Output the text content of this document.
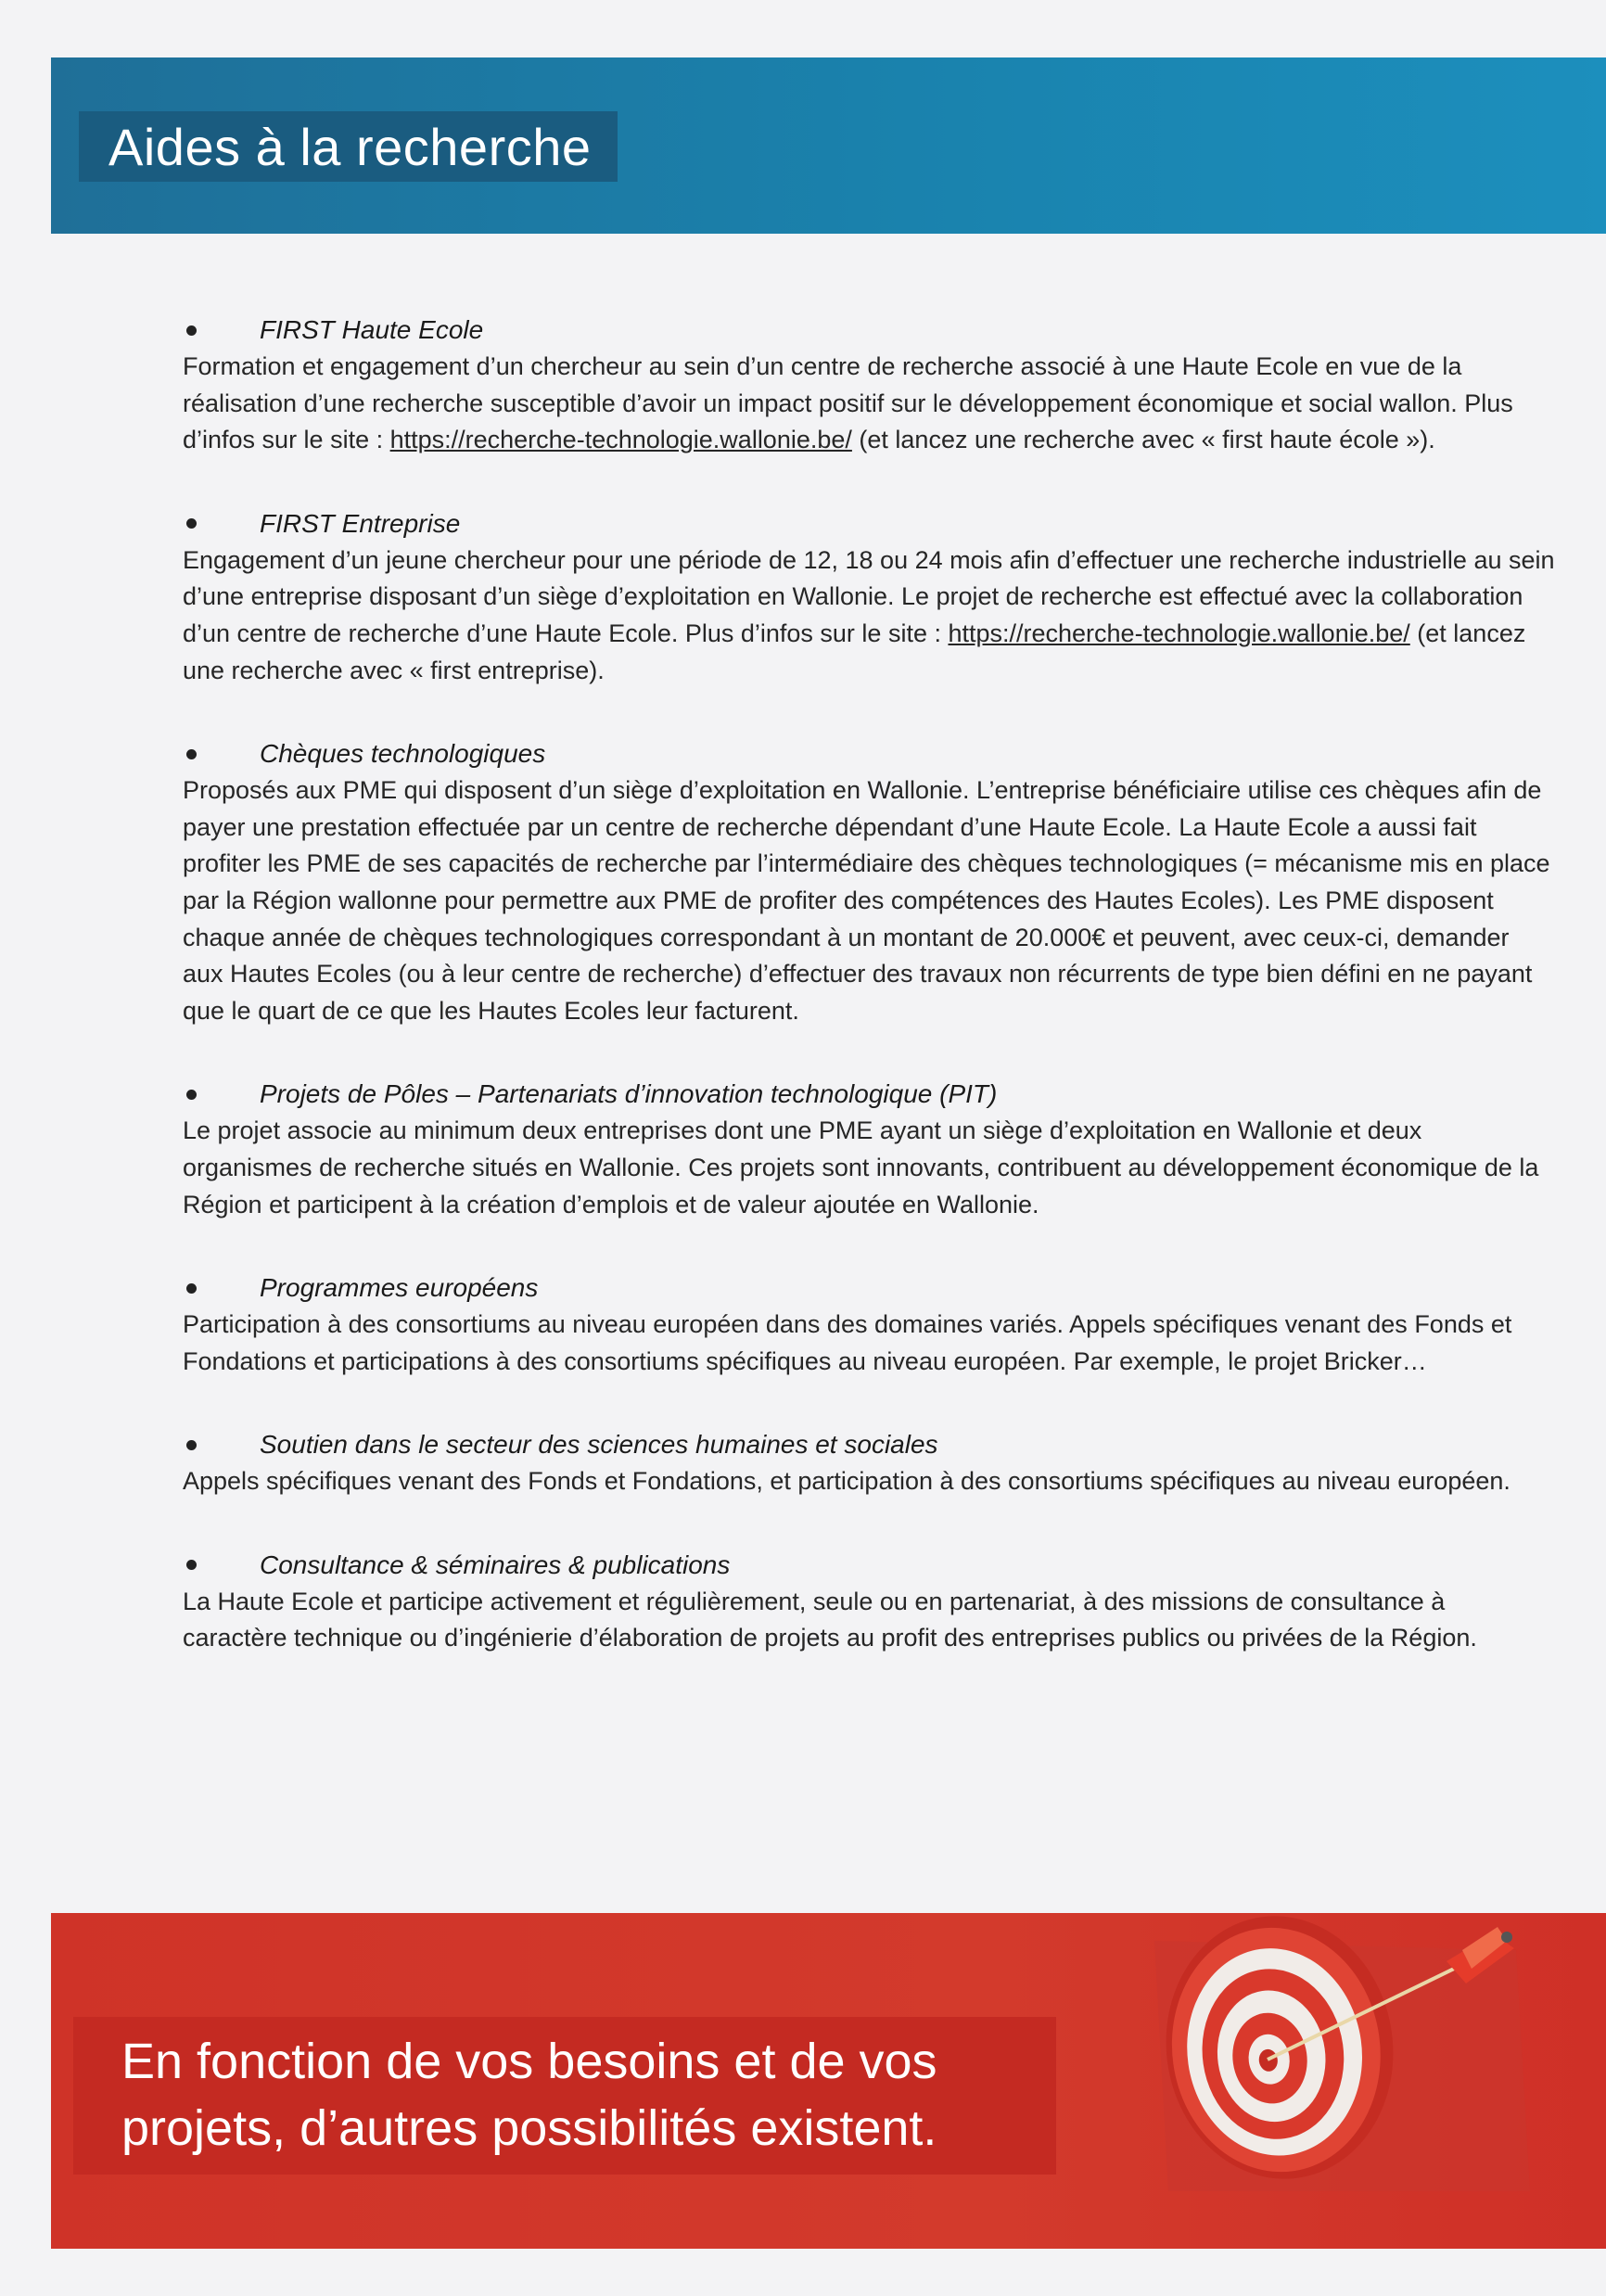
Aides à la recherche
FIRST Haute Ecole
Formation et engagement d’un chercheur au sein d’un centre de recherche associé à une Haute Ecole en vue de la réalisation d’une recherche susceptible d’avoir un impact positif sur le développement économique et social wallon. Plus d’infos sur le site : https://recherche-technologie.wallonie.be/ (et lancez une recherche avec « first haute école »).
FIRST Entreprise
Engagement d’un jeune chercheur pour une période de 12, 18 ou 24 mois afin d’effectuer une recherche industrielle au sein d’une entreprise disposant d’un siège d’exploitation en Wallonie. Le projet de recherche est effectué avec la collaboration d’un centre de recherche d’une Haute Ecole. Plus d’infos sur le site : https://recherche-technologie.wallonie.be/ (et lancez une recherche avec « first entreprise).
Chèques technologiques
Proposés aux PME qui disposent d’un siège d’exploitation en Wallonie. L’entreprise bénéficiaire utilise ces chèques afin de payer une prestation effectuée par un centre de recherche dépendant d’une Haute Ecole. La Haute Ecole a aussi fait profiter les PME de ses capacités de recherche par l’intermédiaire des chèques technologiques (= mécanisme mis en place par la Région wallonne pour permettre aux PME de profiter des compétences des Hautes Ecoles). Les PME disposent chaque année de chèques technologiques correspondant à un montant de 20.000€ et peuvent, avec ceux-ci, demander aux Hautes Ecoles (ou à leur centre de recherche) d’effectuer des travaux non récurrents de type bien défini en ne payant que le quart de ce que les Hautes Ecoles leur facturent.
Projets de Pôles – Partenariats d’innovation technologique (PIT)
Le projet associe au minimum deux entreprises dont une PME ayant un siège d’exploitation en Wallonie et deux organismes de recherche situés en Wallonie. Ces projets sont innovants, contribuent au développement économique de la Région et participent à la création d’emplois et de valeur ajoutée en Wallonie.
Programmes européens
Participation à des consortiums au niveau européen dans des domaines variés. Appels spécifiques venant des Fonds et Fondations et participations à des consortiums spécifiques au niveau européen. Par exemple, le projet Bricker…
Soutien dans le secteur des sciences humaines et sociales
Appels spécifiques venant des Fonds et Fondations, et participation à des consortiums spécifiques au niveau européen.
Consultance & séminaires & publications
La Haute Ecole et participe activement et régulièrement, seule ou en partenariat, à des missions de consultance à caractère technique ou d’ingénierie d’élaboration de projets au profit des entreprises publics ou privées de la Région.
En fonction de vos besoins et de vos
projets, d’autres possibilités existent.
